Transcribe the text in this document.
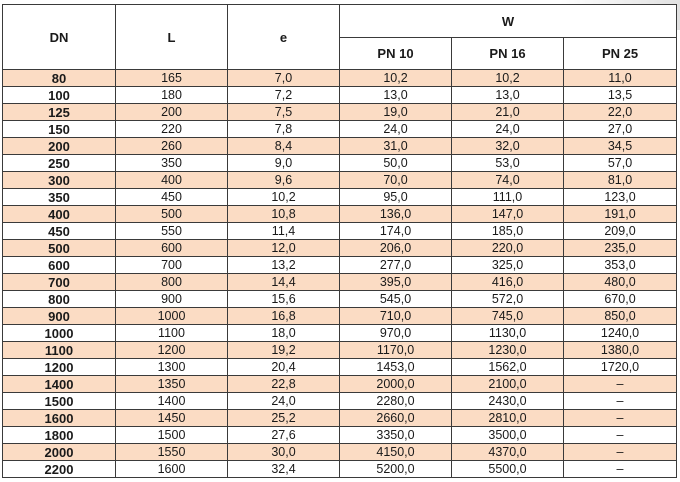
DN	L	e	W		
			PN 10	PN 16	PN 25
80	165	7,0	10,2	10,2	11,0
100	180	7,2	13,0	13,0	13,5
125	200	7,5	19,0	21,0	22,0
150	220	7,8	24,0	24,0	27,0
200	260	8,4	31,0	32,0	34,5
250	350	9,0	50,0	53,0	57,0
300	400	9,6	70,0	74,0	81,0
350	450	10,2	95,0	111,0	123,0
400	500	10,8	136,0	147,0	191,0
450	550	11,4	174,0	185,0	209,0
500	600	12,0	206,0	220,0	235,0
600	700	13,2	277,0	325,0	353,0
700	800	14,4	395,0	416,0	480,0
800	900	15,6	545,0	572,0	670,0
900	1000	16,8	710,0	745,0	850,0
1000	1100	18,0	970,0	1130,0	1240,0
1100	1200	19,2	1170,0	1230,0	1380,0
1200	1300	20,4	1453,0	1562,0	1720,0
1400	1350	22,8	2000,0	2100,0	–
1500	1400	24,0	2280,0	2430,0	–
1600	1450	25,2	2660,0	2810,0	–
1800	1500	27,6	3350,0	3500,0	–
2000	1550	30,0	4150,0	4370,0	–
2200	1600	32,4	5200,0	5500,0	–
